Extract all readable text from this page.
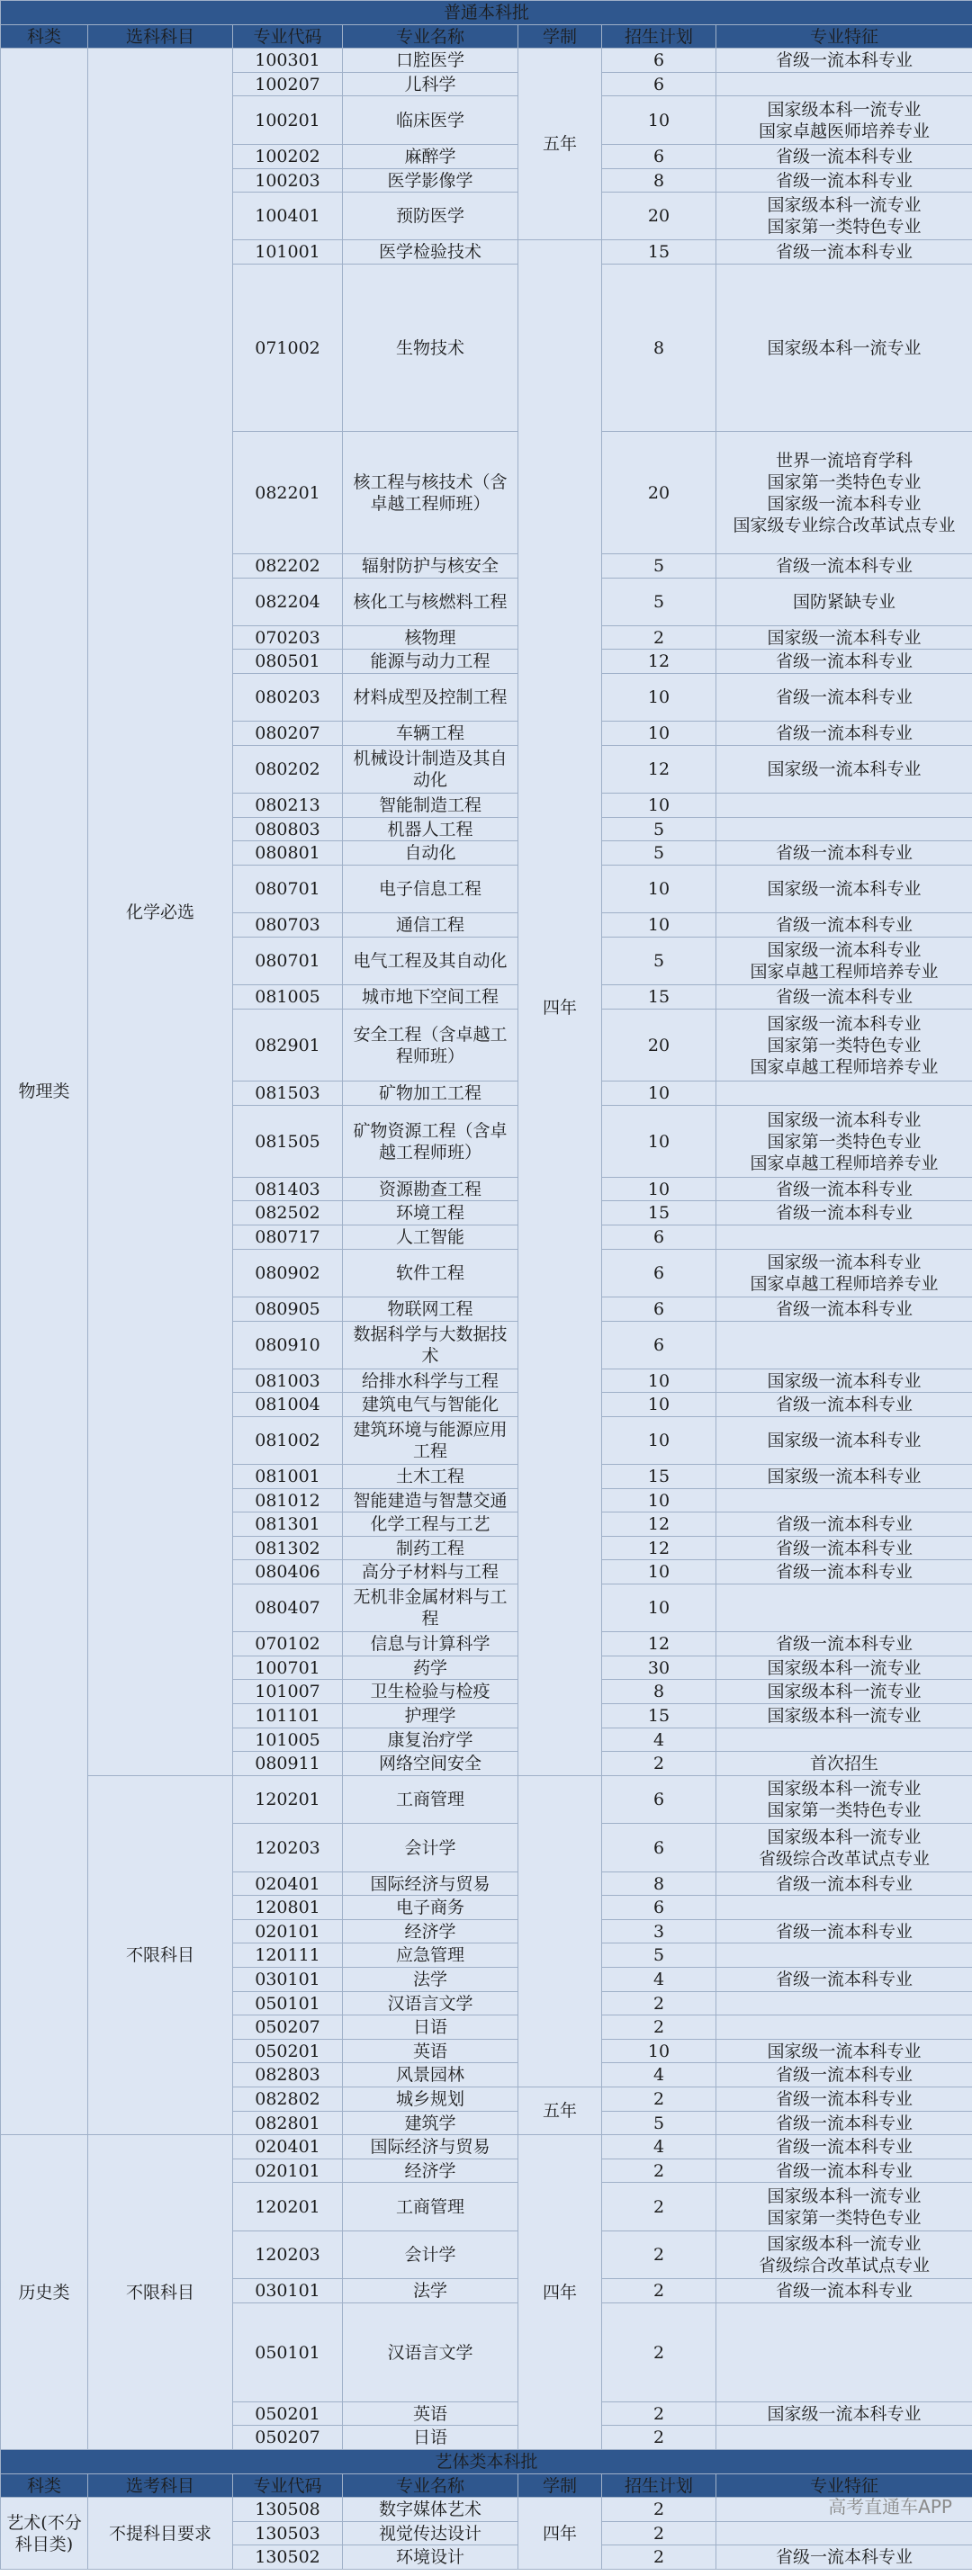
普通本科批						
科类	选科科目	专业代码	专业名称	学制	招生计划	专业特征
物理类	化学必选	100301	口腔医学	五年	6	省级一流本科专业
		100207	儿科学		6	
		100201	临床医学		10	国家级本科一流专业
国家卓越医师培养专业
		100202	麻醉学		6	省级一流本科专业
		100203	医学影像学		8	省级一流本科专业
		100401	预防医学		20	国家级本科一流专业
国家第一类特色专业
		101001	医学检验技术	四年	15	省级一流本科专业
		071002	生物技术		8	国家级本科一流专业
		082201	核工程与核技术（含卓越工程师班）		20	世界一流培育学科
国家第一类特色专业
国家级一流本科专业
国家级专业综合改革试点专业
		082202	辐射防护与核安全		5	省级一流本科专业
		082204	核化工与核燃料工程		5	国防紧缺专业
		070203	核物理		2	国家级一流本科专业
		080501	能源与动力工程		12	省级一流本科专业
		080203	材料成型及控制工程		10	省级一流本科专业
		080207	车辆工程		10	省级一流本科专业
		080202	机械设计制造及其自动化		12	国家级一流本科专业
		080213	智能制造工程		10	
		080803	机器人工程		5	
		080801	自动化		5	省级一流本科专业
		080701	电子信息工程		10	国家级一流本科专业
		080703	通信工程		10	省级一流本科专业
		080701	电气工程及其自动化		5	国家级一流本科专业
国家卓越工程师培养专业
		081005	城市地下空间工程		15	省级一流本科专业
		082901	安全工程（含卓越工程师班）		20	国家级一流本科专业
国家第一类特色专业
国家卓越工程师培养专业
		081503	矿物加工工程		10	
		081505	矿物资源工程（含卓越工程师班）		10	国家级一流本科专业
国家第一类特色专业
国家卓越工程师培养专业
		081403	资源勘查工程		10	省级一流本科专业
		082502	环境工程		15	省级一流本科专业
		080717	人工智能		6	
		080902	软件工程		6	国家级一流本科专业
国家卓越工程师培养专业
		080905	物联网工程		6	省级一流本科专业
		080910	数据科学与大数据技术		6	
		081003	给排水科学与工程		10	国家级一流本科专业
		081004	建筑电气与智能化		10	省级一流本科专业
		081002	建筑环境与能源应用工程		10	国家级一流本科专业
		081001	土木工程		15	国家级一流本科专业
		081012	智能建造与智慧交通		10	
		081301	化学工程与工艺		12	省级一流本科专业
		081302	制药工程		12	省级一流本科专业
		080406	高分子材料与工程		10	省级一流本科专业
		080407	无机非金属材料与工程		10	
		070102	信息与计算科学		12	省级一流本科专业
		100701	药学		30	国家级本科一流专业
		101007	卫生检验与检疫		8	国家级本科一流专业
		101101	护理学		15	国家级本科一流专业
		101005	康复治疗学		4	
		080911	网络空间安全		2	首次招生
	不限科目	120201	工商管理		6	国家级本科一流专业
国家第一类特色专业
		120203	会计学		6	国家级本科一流专业
省级综合改革试点专业
		020401	国际经济与贸易		8	省级一流本科专业
		120801	电子商务		6	
		020101	经济学		3	省级一流本科专业
		120111	应急管理		5	
		030101	法学		4	省级一流本科专业
		050101	汉语言文学		2	
		050207	日语		2	
		050201	英语		10	国家级一流本科专业
		082803	风景园林		4	省级一流本科专业
		082802	城乡规划	五年	2	省级一流本科专业
		082801	建筑学		5	省级一流本科专业
历史类	不限科目	020401	国际经济与贸易	四年	4	省级一流本科专业
		020101	经济学		2	省级一流本科专业
		120201	工商管理		2	国家级本科一流专业
国家第一类特色专业
		120203	会计学		2	国家级本科一流专业
省级综合改革试点专业
		030101	法学		2	省级一流本科专业
		050101	汉语言文学		2	
		050201	英语		2	国家级一流本科专业
		050207	日语		2	
艺体类本科批						
科类	选考科目	专业代码	专业名称	学制	招生计划	专业特征
艺术(不分科目类)	不提科目要求	130508	数字媒体艺术	四年	2	
		130503	视觉传达设计		2	
		130502	环境设计		2	省级一流本科专业
高考直通车APP
